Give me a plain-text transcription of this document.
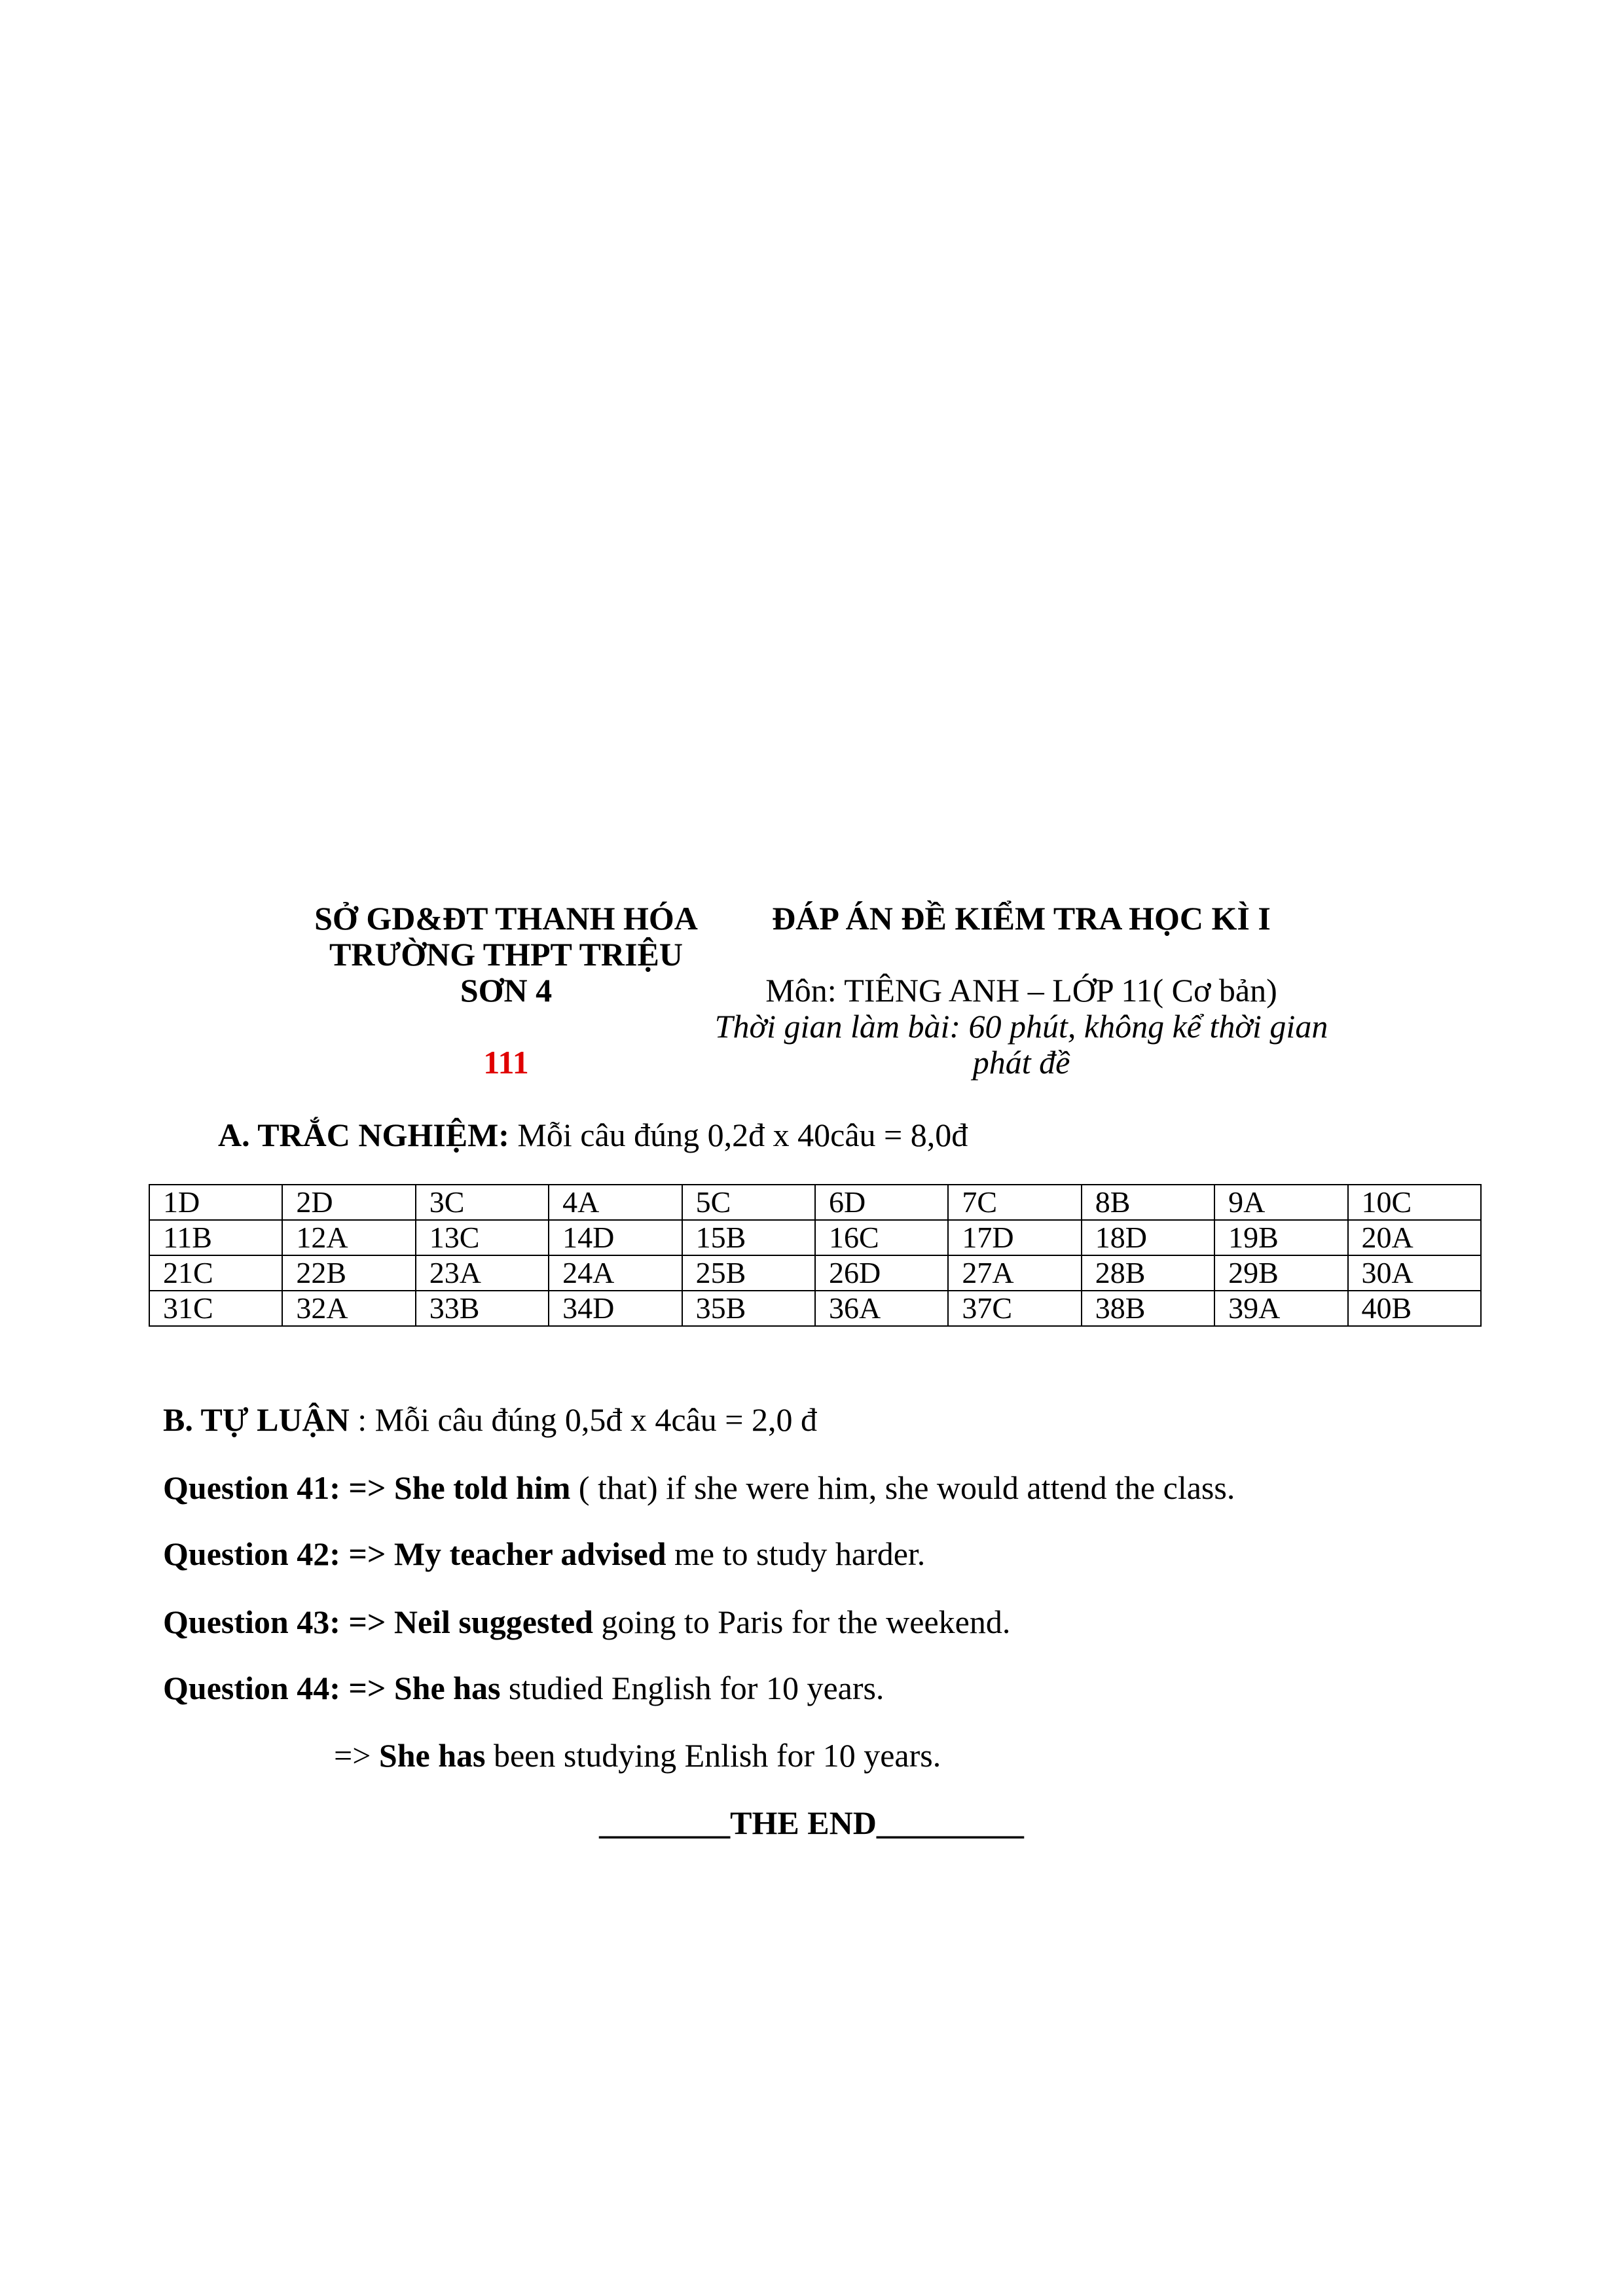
SỞ GD&ĐT THANH HÓA
TRƯỜNG THPT TRIỆU
SƠN 4
111
ĐÁP ÁN ĐỀ KIỂM TRA HỌC KÌ I
Môn: TIÊNG ANH – LỚP 11( Cơ bản)
Thời gian làm bài: 60 phút, không kể thời gian
phát đề
A. TRẮC NGHIỆM: Mỗi câu đúng 0,2đ x 40câu = 8,0đ
1D	2D	3C	4A	5C	6D	7C	8B	9A	10C
11B	12A	13C	14D	15B	16C	17D	18D	19B	20A
21C	22B	23A	24A	25B	26D	27A	28B	29B	30A
31C	32A	33B	34D	35B	36A	37C	38B	39A	40B
B. TỰ LUẬN : Mỗi câu đúng 0,5đ x 4câu = 2,0 đ
Question 41: => She told him ( that) if she were him, she would attend the class.
Question 42: => My teacher advised me to study harder.
Question 43: => Neil suggested going to Paris for the weekend.
Question 44: => She has studied English for 10 years.
=> She has been studying Enlish for 10 years.
________THE END_________
